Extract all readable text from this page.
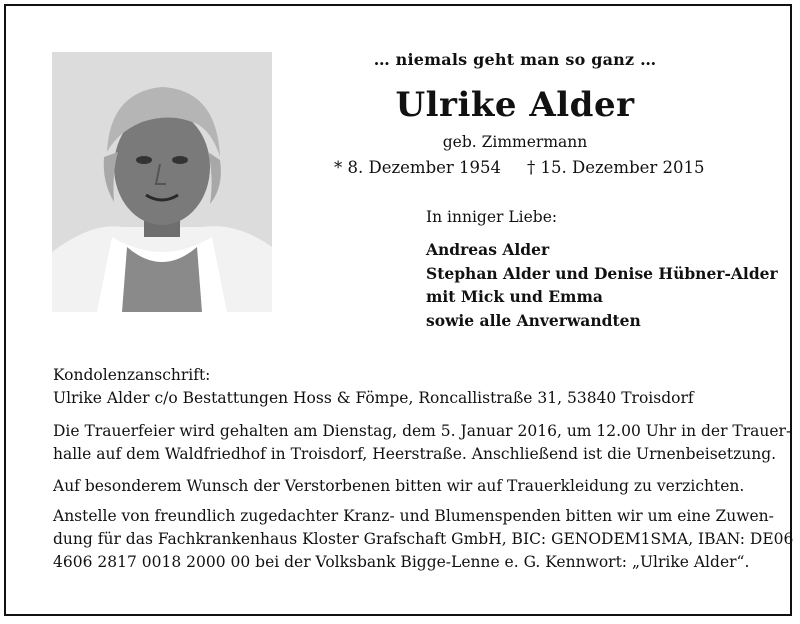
… niemals geht man so ganz …
Ulrike Alder
geb. Zimmermann
* 8. Dezember 1954 † 15. Dezember 2015
In inniger Liebe:
Andreas Alder
Stephan Alder und Denise Hübner-Alder
mit Mick und Emma
sowie alle Anverwandten
Kondolenzanschrift:
Ulrike Alder c/o Bestattungen Hoss & Fömpe, Roncallistraße 31, 53840 Troisdorf

Die Trauerfeier wird gehalten am Dienstag, dem 5. Januar 2016, um 12.00 Uhr in der Trauer-
halle auf dem Waldfriedhof in Troisdorf, Heerstraße. Anschließend ist die Urnenbeisetzung.

Auf besonderem Wunsch der Verstorbenen bitten wir auf Trauerkleidung zu verzichten.

Anstelle von freundlich zugedachter Kranz- und Blumenspenden bitten wir um eine Zuwen-
dung für das Fachkrankenhaus Kloster Grafschaft GmbH, BIC: GENODEM1SMA, IBAN: DE06
4606 2817 0018 2000 00 bei der Volksbank Bigge-Lenne e. G. Kennwort: „Ulrike Alder“.
